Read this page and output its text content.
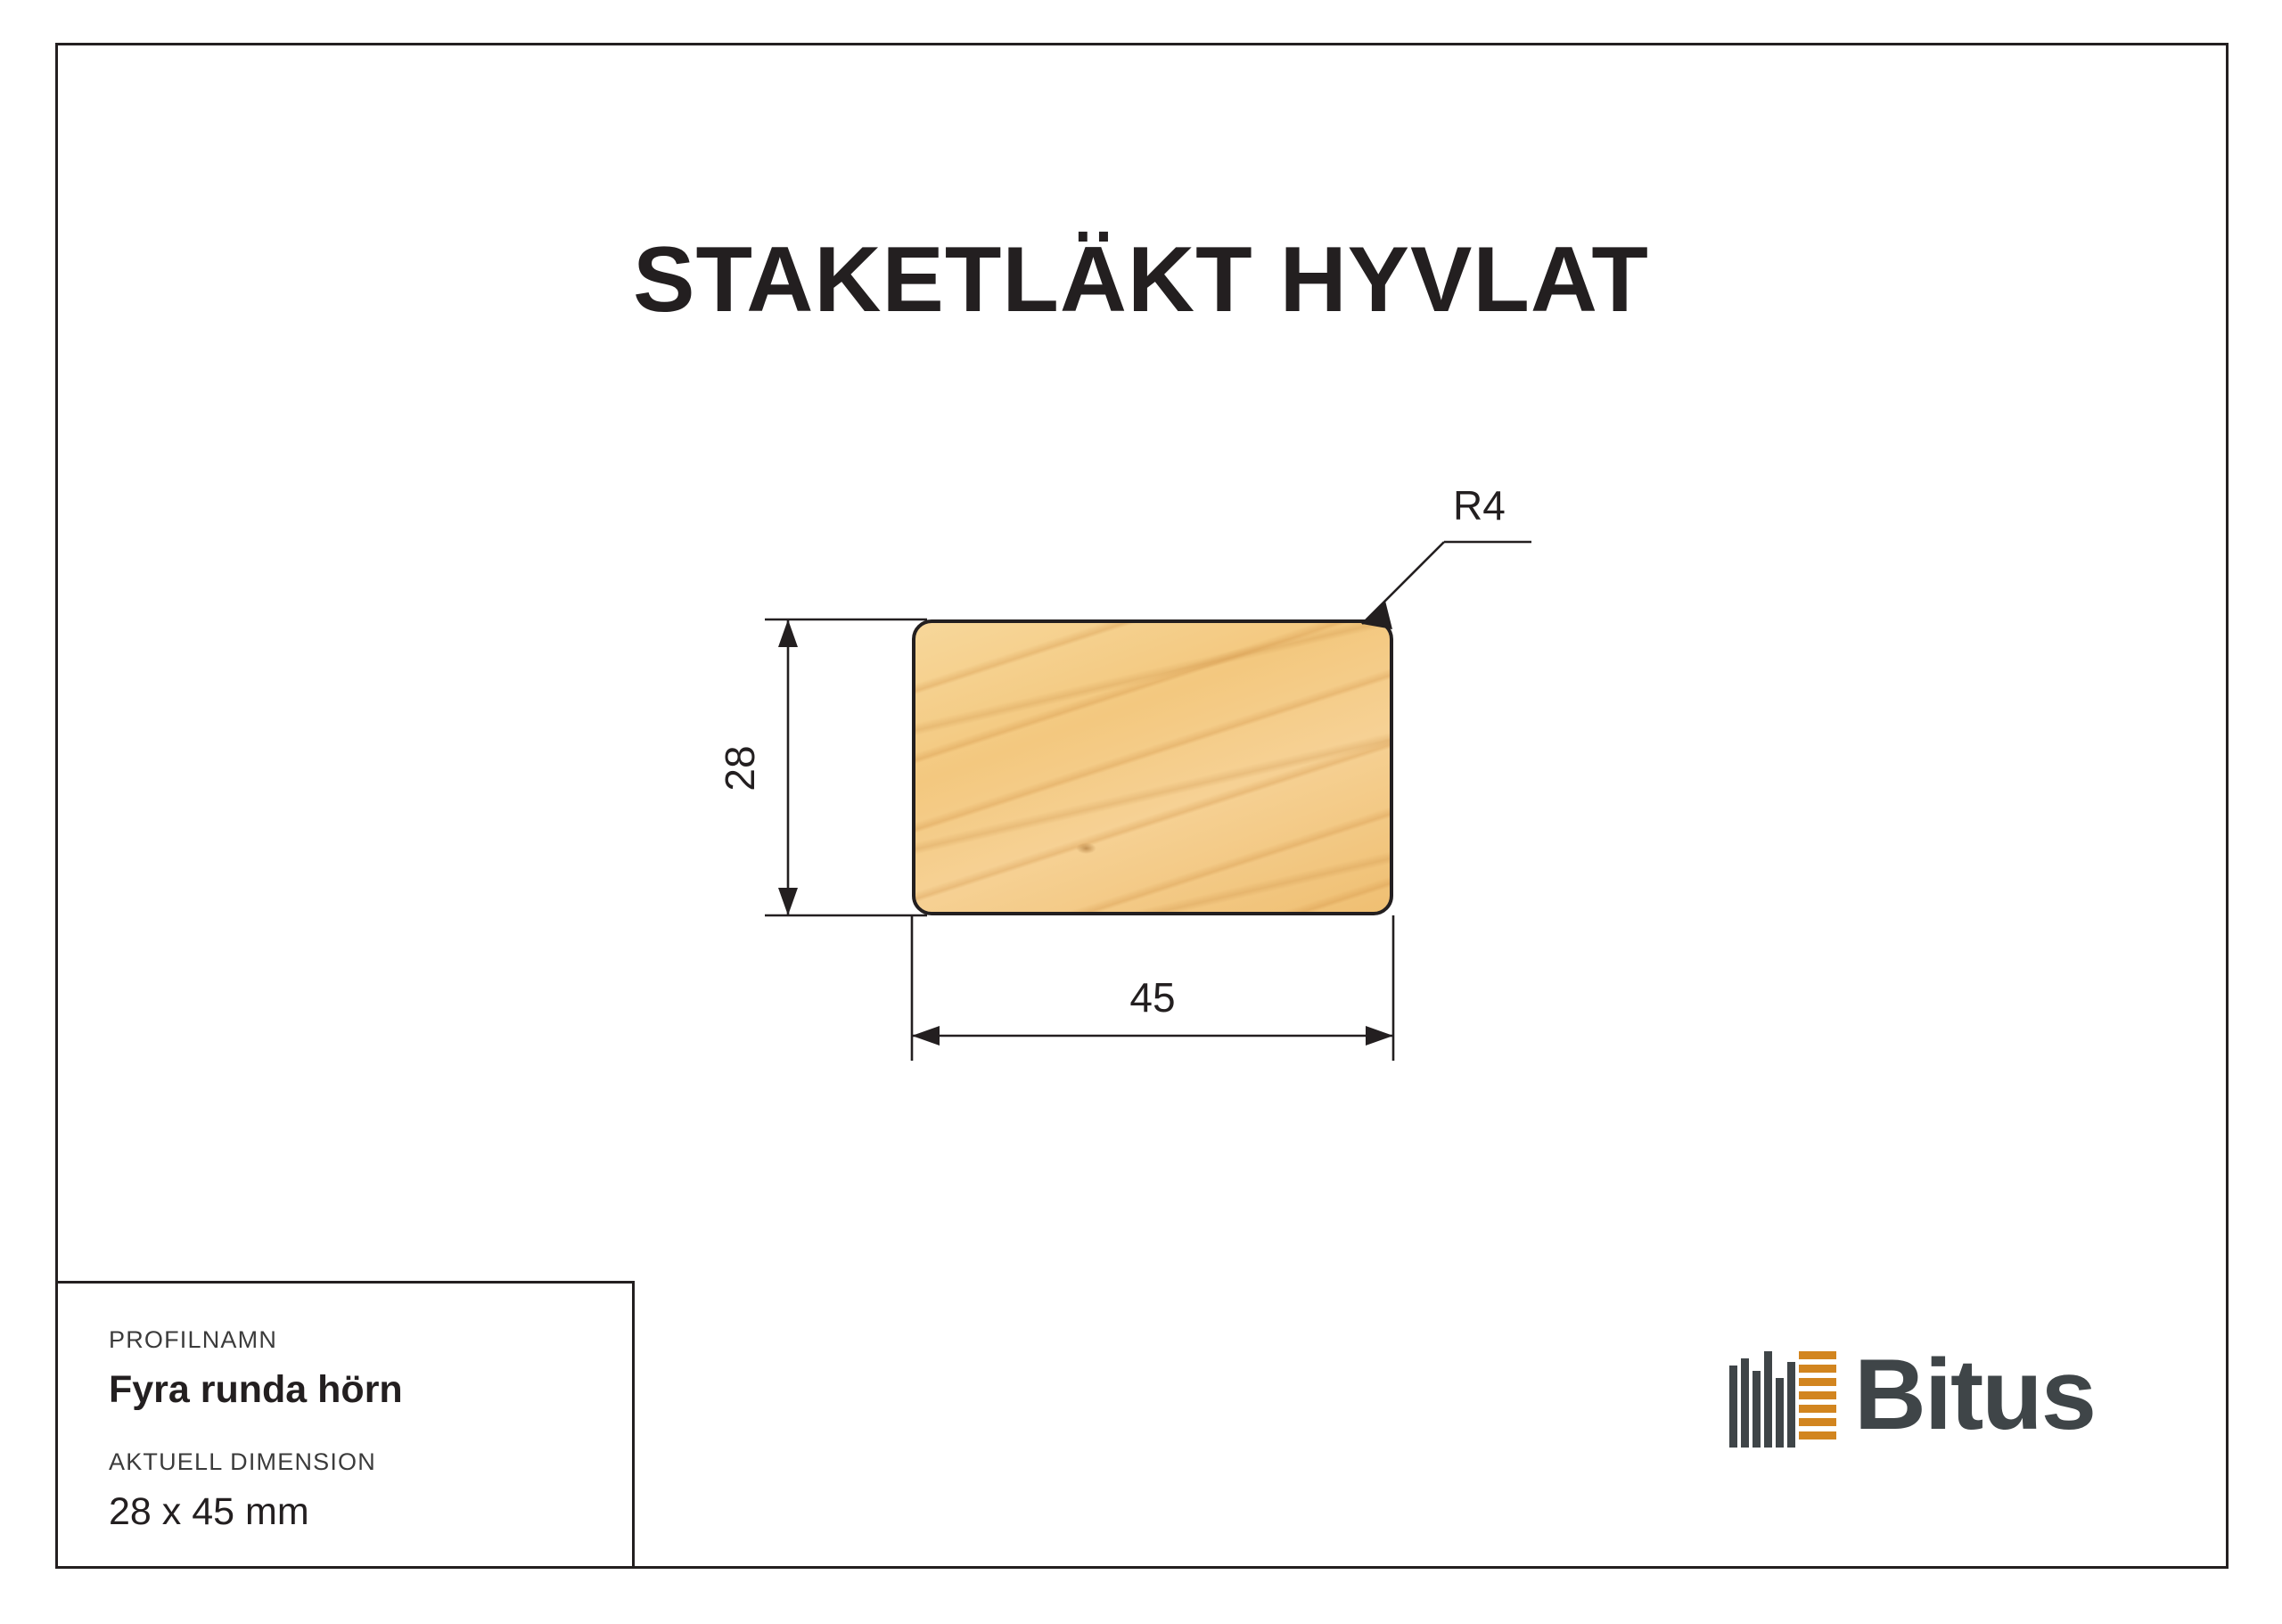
STAKETLÄKT HYVLAT
28
45
R4
PROFILNAMN
Fyra runda hörn
AKTUELL DIMENSION
28 x 45 mm
Bitus
